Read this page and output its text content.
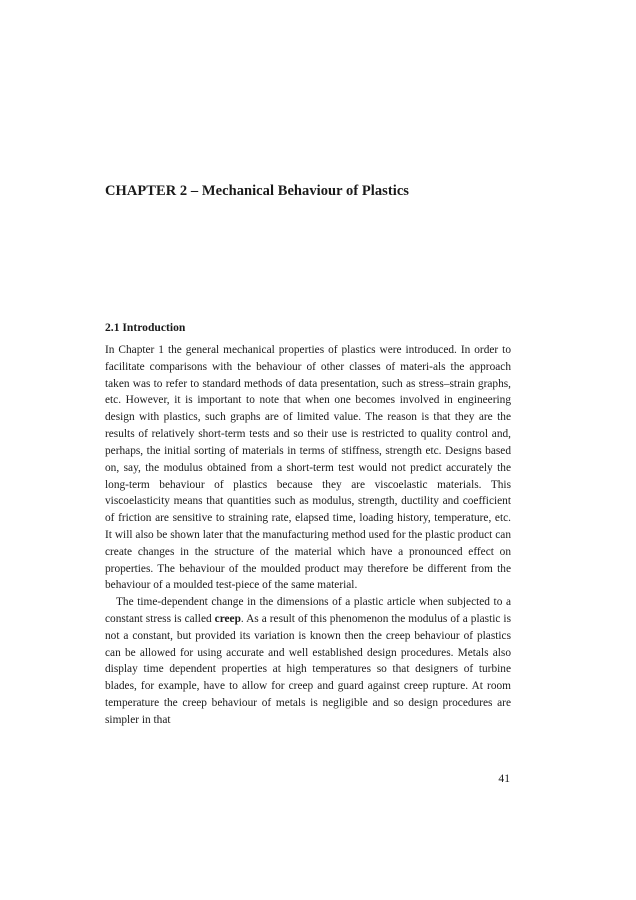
CHAPTER 2 – Mechanical Behaviour of Plastics
2.1 Introduction

In Chapter 1 the general mechanical properties of plastics were introduced. In order to facilitate comparisons with the behaviour of other classes of materi-als the approach taken was to refer to standard methods of data presentation, such as stress–strain graphs, etc. However, it is important to note that when one becomes involved in engineering design with plastics, such graphs are of limited value. The reason is that they are the results of relatively short-term tests and so their use is restricted to quality control and, perhaps, the initial sorting of materials in terms of stiffness, strength etc. Designs based on, say, the modulus obtained from a short-term test would not predict accurately the long-term behaviour of plastics because they are viscoelastic materials. This viscoelasticity means that quantities such as modulus, strength, ductility and coefficient of friction are sensitive to straining rate, elapsed time, loading history, temperature, etc. It will also be shown later that the manufacturing method used for the plastic product can create changes in the structure of the material which have a pronounced effect on properties. The behaviour of the moulded product may therefore be different from the behaviour of a moulded test-piece of the same material.

The time-dependent change in the dimensions of a plastic article when subjected to a constant stress is called creep. As a result of this phenomenon the modulus of a plastic is not a constant, but provided its variation is known then the creep behaviour of plastics can be allowed for using accurate and well established design procedures. Metals also display time dependent properties at high temperatures so that designers of turbine blades, for example, have to allow for creep and guard against creep rupture. At room temperature the creep behaviour of metals is negligible and so design procedures are simpler in that

41
